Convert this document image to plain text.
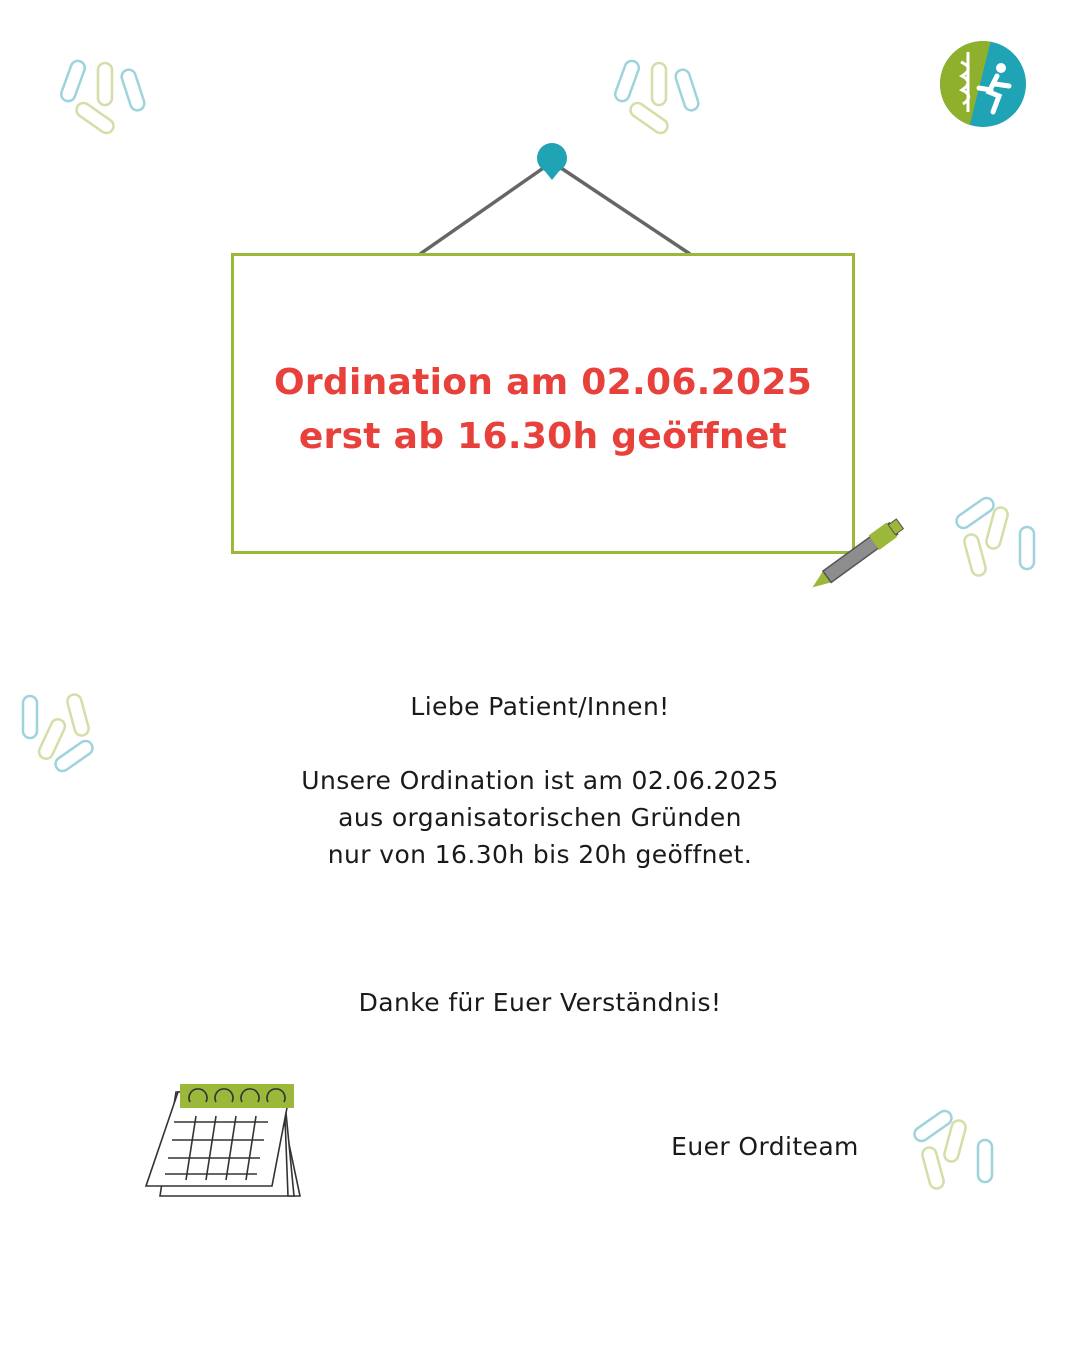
Ordination am 02.06.2025
erst ab 16.30h geöffnet
Liebe Patient/Innen!
Unsere Ordination ist am 02.06.2025
aus organisatorischen Gründen
nur von 16.30h bis 20h geöffnet.
Danke für Euer Verständnis!
Euer Orditeam
